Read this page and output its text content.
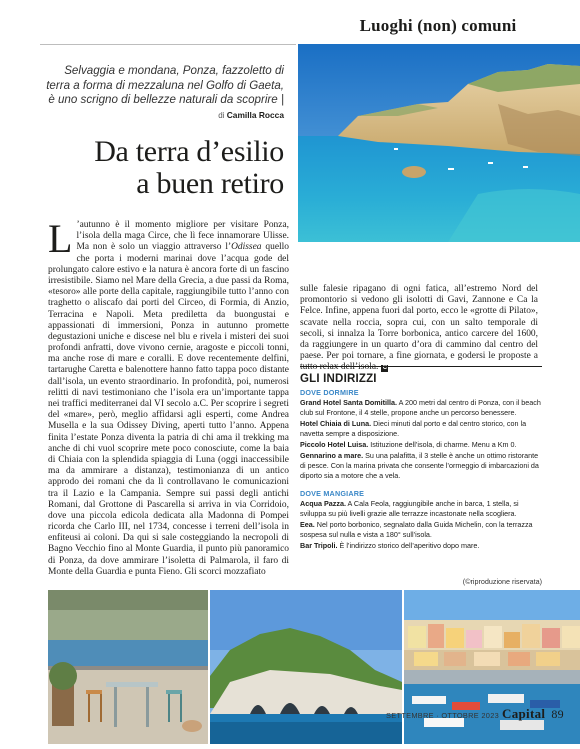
Luoghi (non) comuni
Selvaggia e mondana, Ponza, fazzoletto di terra a forma di mezzaluna nel Golfo di Gaeta, è uno scrigno di bellezze naturali da scoprire | di Camilla Rocca
Da terra d’esilio
a buen retiro
L ’autunno è il momento migliore per visitare Ponza, l’isola della maga Circe, che lì fece innamorare Ulisse. Ma non è solo un viaggio attraverso l’Odissea quello che porta i moderni marinai dove l’acqua gode del prolungato calore estivo e la natura è ancora forte di un fascino irresistibile. Siamo nel Mare della Grecia, a due passi da Roma, «tesoro» alle porte della capitale, raggiungibile tutto l’anno con traghetto o aliscafo dai porti del Circeo, di Formia, di Anzio, Terracina e Napoli. Meta prediletta da buongustai e appassionati di immersioni, Ponza in autunno promette degustazioni uniche e discese nel blu e rivela i misteri dei suoi profondi anfratti, dove vivono cernie, aragoste e piccoli tonni, ma anche rose di mare e coralli. E dove recentemente delfini, tartarughe Caretta e balenottere hanno fatto tappa poco distante dall’isola, un evento straordinario. In profondità, poi, numerosi relitti di navi testimoniano che l’isola era un’importante tappa nei traffici mediterranei dal VI secolo a.C. Per scoprire i segreti del «mare», però, meglio affidarsi agli esperti, come Andrea Musella e la sua Odissey Diving, aperti tutto l’anno. Appena finita l’estate Ponza diventa la patria di chi ama il trekking ma anche di chi vuol scoprire mete poco conosciute, come la baia di Chiaia con la splendida spiaggia di Luna (oggi inaccessibile ma da ammirare a distanza), testimonianza di un antico approdo dei romani che da lì controllavano le comunicazioni tra il Lazio e la Campania. Sempre sui passi degli antichi Romani, dal Grottone di Pascarella si arriva in via Corridoio, dove una piccola edicola dedicata alla Madonna di Pompei ricorda che Carlo III, nel 1734, concesse i terreni dell’isola in enfiteusi ai coloni. Da qui si sale costeggiando la necropoli di Bagno Vecchio fino al Monte Guardia, il punto più panoramico di Ponza, da dove ammirare l’isoletta di Palmarola, il faro di Monte della Guardia e punta Fieno. Gli scorci mozzafiato
sulle falesie ripagano di ogni fatica, all’estremo Nord del promontorio si vedono gli isolotti di Gavi, Zannone e Ca la Felce. Infine, appena fuori dal porto, ecco le «grotte di Pilato», scavate nella roccia, sopra cui, con un salto temporale di secoli, si innalza la Torre borbonica, antico carcere del 1600, da raggiungere in un quarto d’ora di cammino dal centro del paese. Per poi tornare, a fine giornata, e godersi le proposte a tutto relax dell’isola. C
GLI INDIRIZZI
DOVE DORMIRE
Grand Hotel Santa Domitilla. A 200 metri dal centro di Ponza, con il beach club sul Frontone, il 4 stelle, propone anche un percorso benessere.
Hotel Chiaia di Luna. Dieci minuti dal porto e dal centro storico, con la navetta sempre a disposizione.
Piccolo Hotel Luisa. Istituzione dell’isola, di charme. Menu a Km 0.
Gennarino a mare. Su una palafitta, il 3 stelle è anche un ottimo ristorante di pesce. Con la marina privata che consente l’ormeggio di imbarcazioni da diporto sia a motore che a vela.
DOVE MANGIARE
Acqua Pazza. A Cala Feola, raggiungibile anche in barca, 1 stella, si sviluppa su più livelli grazie alle terrazze incastonate nella scogliera.
Eea. Nel porto borbonico, segnalato dalla Guida Michelin, con la terrazza sospesa sul nulla e vista a 180° sull’isola.
Bar Tripoli. È l’indirizzo storico dell’aperitivo dopo mare.
(©riproduzione riservata)
SETTEMBRE · OTTOBRE 2023 Capital 89
